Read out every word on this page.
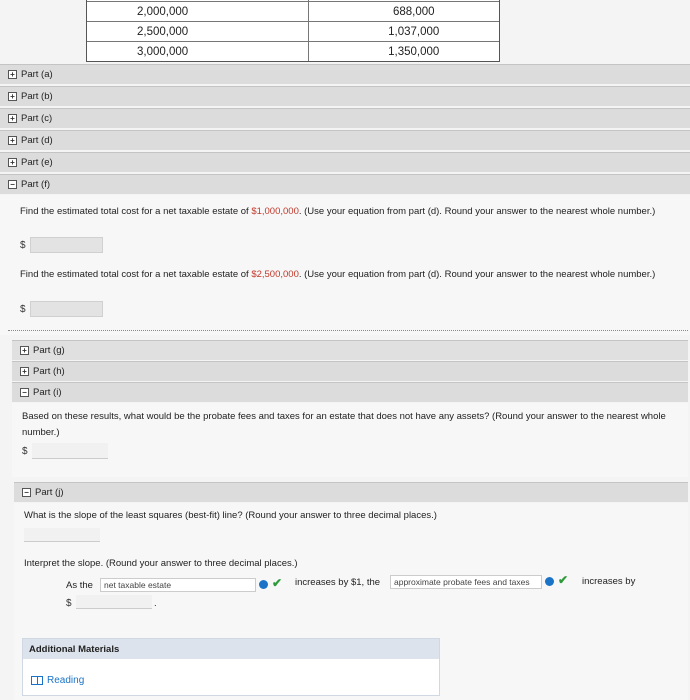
2,000,000	688,000
2,500,000	1,037,000
3,000,000	1,350,000
+ Part (a)
+ Part (b)
+ Part (c)
+ Part (d)
+ Part (e)
− Part (f)
Find the estimated total cost for a net taxable estate of $1,000,000. (Use your equation from part (d). Round your answer to the nearest whole number.)
$
Find the estimated total cost for a net taxable estate of $2,500,000. (Use your equation from part (d). Round your answer to the nearest whole number.)
$
+ Part (g)
+ Part (h)
− Part (i)
Based on these results, what would be the probate fees and taxes for an estate that does not have any assets? (Round your answer to the nearest whole number.)
$
− Part (j)
What is the slope of the least squares (best-fit) line? (Round your answer to three decimal places.)
Interpret the slope. (Round your answer to three decimal places.)
As the	net taxable estate	✔ increases by $1, the	approximate probate fees and taxes	✔ increases by
$	.
Additional Materials
Reading
